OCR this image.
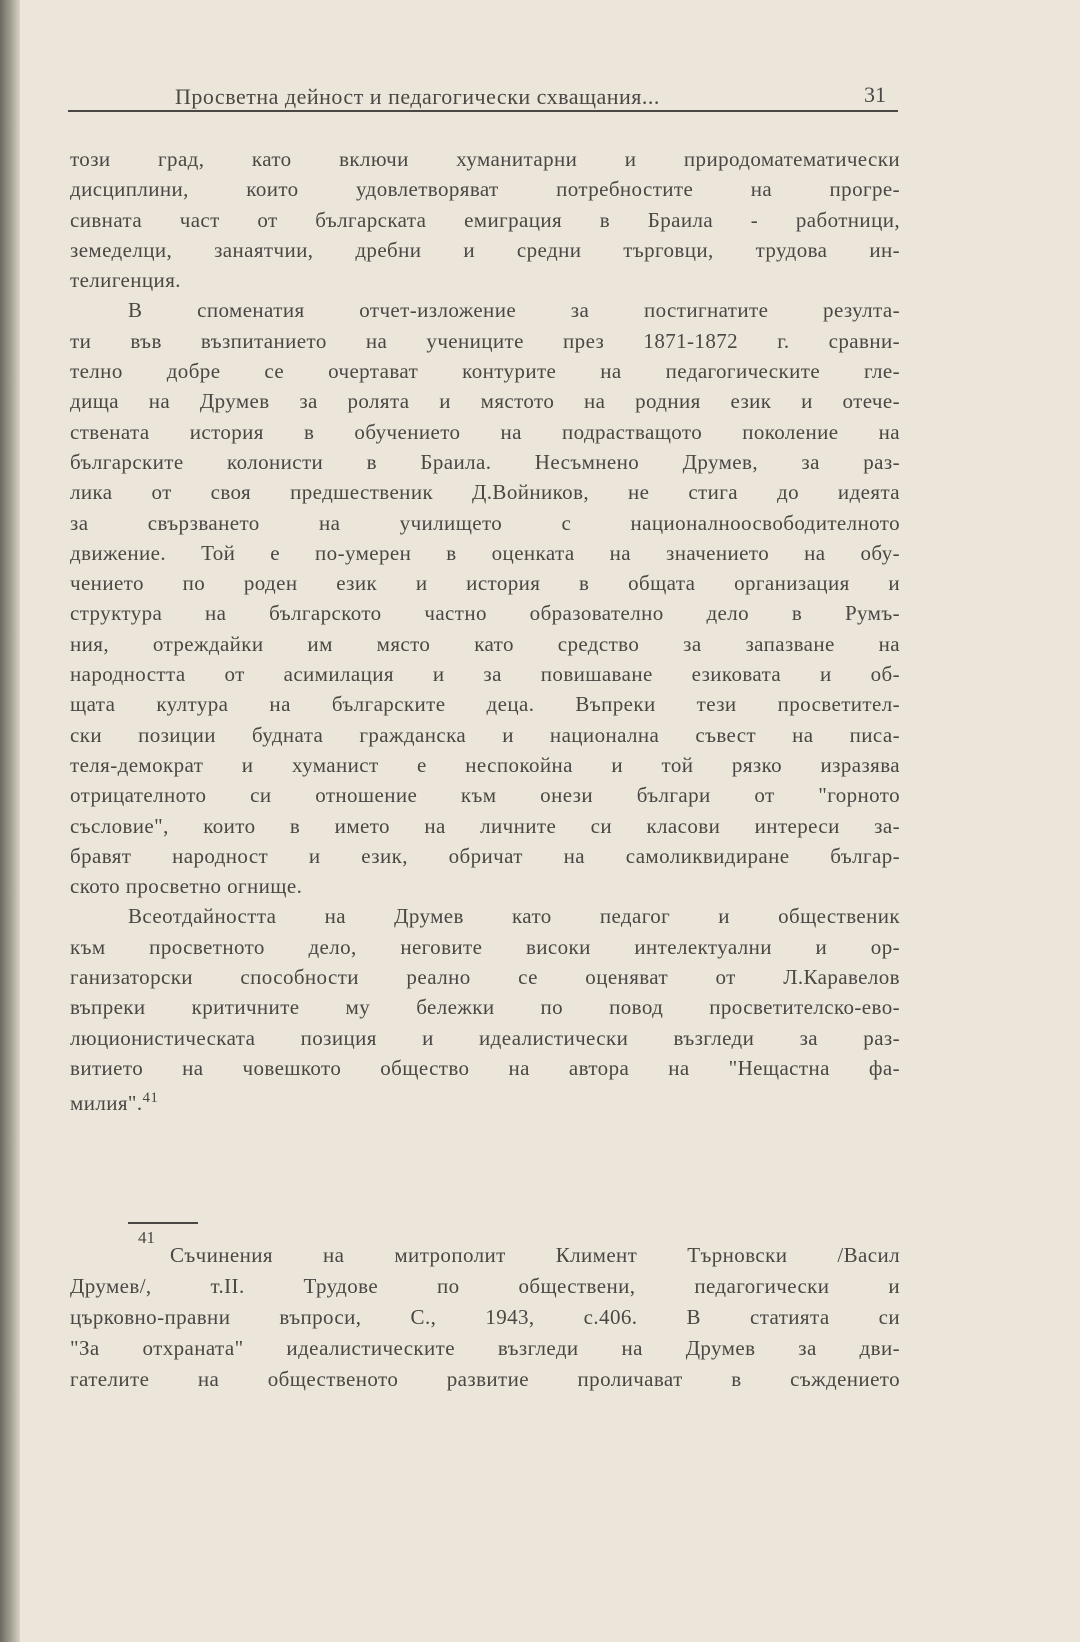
Просветна дейност и педагогически схващания...	31
този град, като включи хуманитарни и природоматематически
дисциплини, които удовлетворяват потребностите на прогре-
сивната част от българската емиграция в Браила - работници,
земеделци, занаятчии, дребни и средни търговци, трудова ин-
телигенция.
В споменатия отчет-изложение за постигнатите резулта-
ти във възпитанието на учениците през 1871-1872 г. сравни-
телно добре се очертават контурите на педагогическите гле-
дища на Друмев за ролята и мястото на родния език и отече-
ствената история в обучението на подрастващото поколение на
българските колонисти в Браила. Несъмнено Друмев, за раз-
лика от своя предшественик Д.Войников, не стига до идеята
за свързването на училището с националноосвободителното
движение. Той е по-умерен в оценката на значението на обу-
чението по роден език и история в общата организация и
структура на българското частно образователно дело в Румъ-
ния, отреждайки им място като средство за запазване на
народността от асимилация и за повишаване езиковата и об-
щата култура на българските деца. Въпреки тези просветител-
ски позиции будната гражданска и национална съвест на писа-
теля-демократ и хуманист е неспокойна и той рязко изразява
отрицателното си отношение към онези българи от "горното
съсловие", които в името на личните си класови интереси за-
бравят народност и език, обричат на самоликвидиране българ-
ското просветно огнище.
Всеотдайността на Друмев като педагог и общественик
към просветното дело, неговите високи интелектуални и ор-
ганизаторски способности реално се оценяват от Л.Каравелов
въпреки критичните му бележки по повод просветителско-ево-
люционистическата позиция и идеалистически възгледи за раз-
витието на човешкото общество на автора на "Нещастна фа-
милия".$^{41}$
41
Съчинения на митрополит Климент Търновски /Васил
Друмев/, т.II. Трудове по обществени, педагогически и
църковно-правни въпроси, С., 1943, с.406. В статията си
"За отхраната" идеалистическите възгледи на Друмев за дви-
гателите на общественото развитие проличават в съждението
